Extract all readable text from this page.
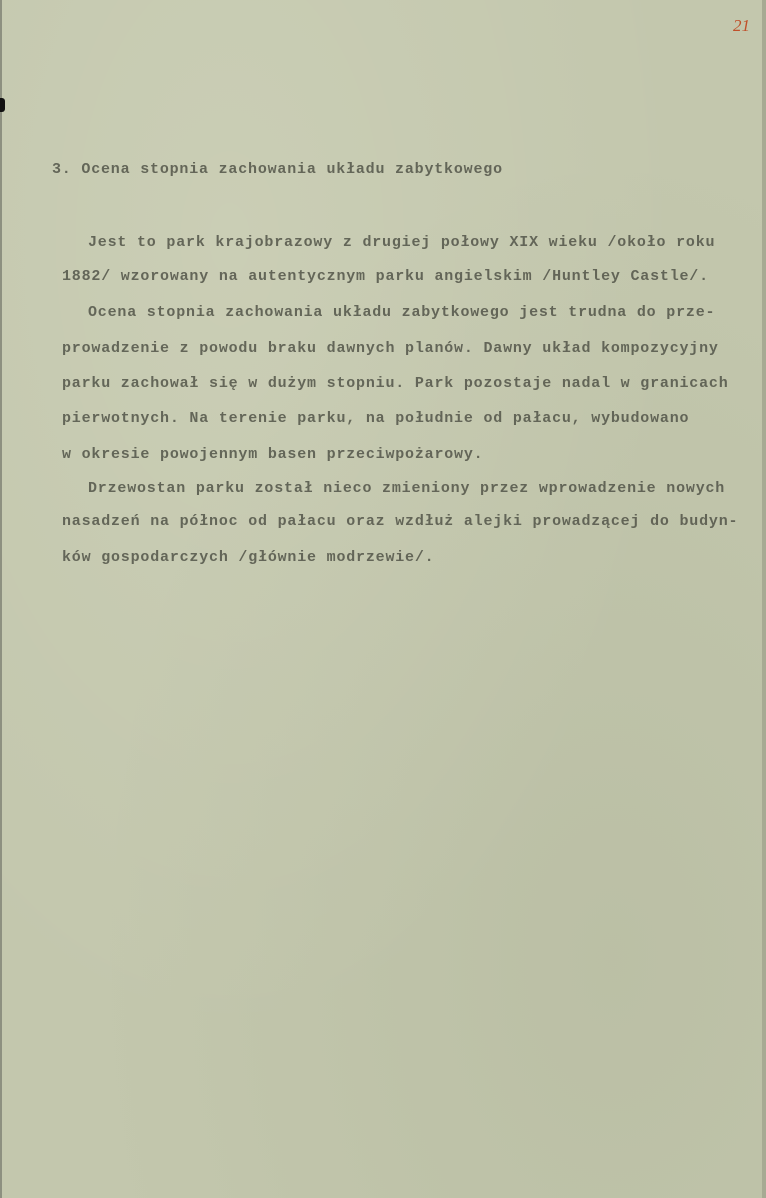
21
3. Ocena stopnia zachowania układu zabytkowego
Jest to park krajobrazowy z drugiej połowy XIX wieku /około roku
1882/ wzorowany na autentycznym parku angielskim /Huntley Castle/.
Ocena stopnia zachowania układu zabytkowego jest trudna do prze-
prowadzenie z powodu braku dawnych planów. Dawny układ kompozycyjny
parku zachował się w dużym stopniu. Park pozostaje nadal w granicach
pierwotnych. Na terenie parku, na południe od pałacu, wybudowano
w okresie powojennym basen przeciwpożarowy.
Drzewostan parku został nieco zmieniony przez wprowadzenie nowych
nasadzeń na północ od pałacu oraz wzdłuż alejki prowadzącej do budyn-
ków gospodarczych /głównie modrzewie/.
